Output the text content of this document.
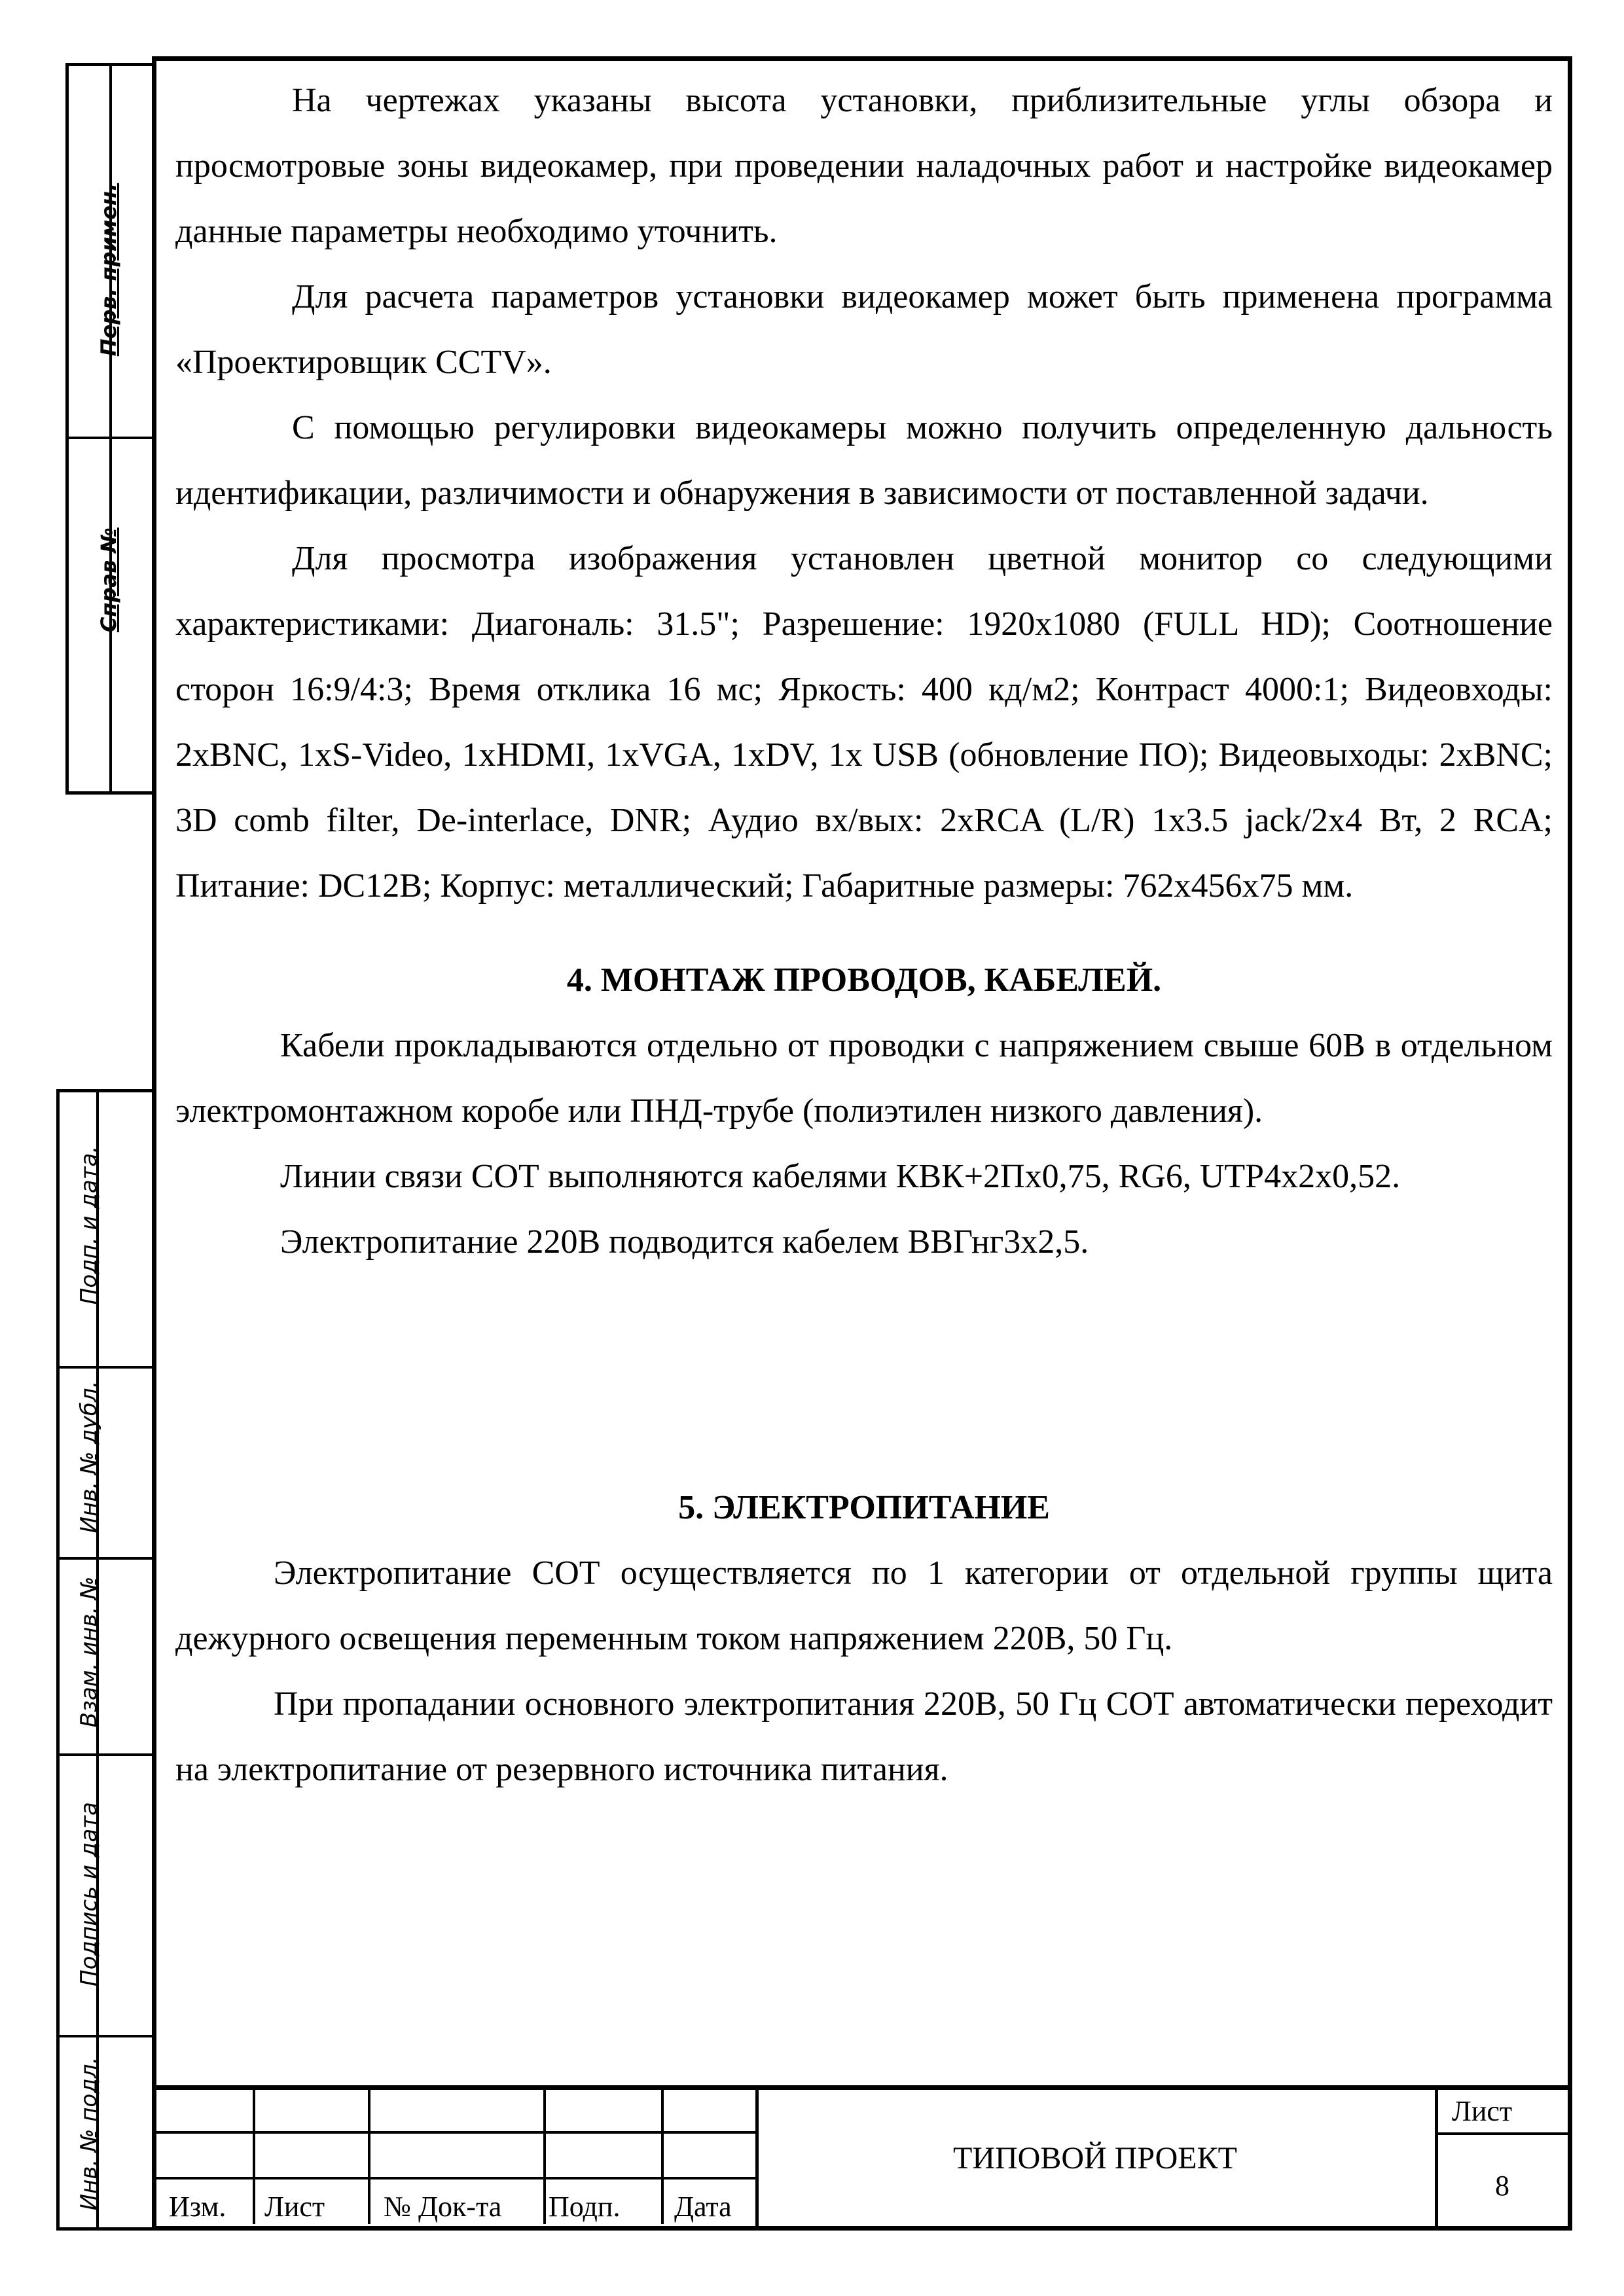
Перв. примен.
Справ №
Подп. и дата.
Инв. № дубл.
Взам. инв. №
Подпись и дата
Инв. № подл.

На чертежах указаны высота установки, приблизительные углы обзора и просмотровые зоны видеокамер, при проведении наладочных работ и настройке видеокамер данные параметры необходимо уточнить.

Для расчета параметров установки видеокамер может быть применена программа «Проектировщик CCTV».

С помощью регулировки видеокамеры можно получить определенную дальность идентификации, различимости и обнаружения в зависимости от поставленной задачи.

Для просмотра изображения установлен цветной монитор со следующими характеристиками: Диагональ: 31.5"; Разрешение: 1920x1080 (FULL HD); Соотношение сторон 16:9/4:3; Время отклика 16 мс; Яркость: 400 кд/м2; Контраст 4000:1; Видеовходы: 2xBNC, 1xS-Video, 1xHDMI, 1xVGA, 1xDV, 1x USB (обновление ПО); Видеовыходы: 2xBNC; 3D comb filter, De-interlace, DNR; Аудио вх/вых: 2xRCA (L/R) 1x3.5 jack/2x4 Вт, 2 RCA; Питание: DC12B; Корпус: металлический; Габаритные размеры: 762x456x75 мм.

4. МОНТАЖ ПРОВОДОВ, КАБЕЛЕЙ.

Кабели прокладываются отдельно от проводки с напряжением свыше 60В в отдельном электромонтажном коробе или ПНД-трубе (полиэтилен низкого давления).

Линии связи СОТ выполняются кабелями КВК+2Пх0,75, RG6, UTP4x2x0,52.

Электропитание 220В подводится кабелем ВВГнг3х2,5.

5. ЭЛЕКТРОПИТАНИЕ

Электропитание СОТ осуществляется по 1 категории от отдельной группы щита дежурного освещения переменным током напряжением 220В, 50 Гц.

При пропадании основного электропитания 220В, 50 Гц СОТ автоматически переходит на электропитание от резервного источника питания.

Изм. Лист № Док-та Подп. Дата
ТИПОВОЙ ПРОЕКТ
Лист
8
